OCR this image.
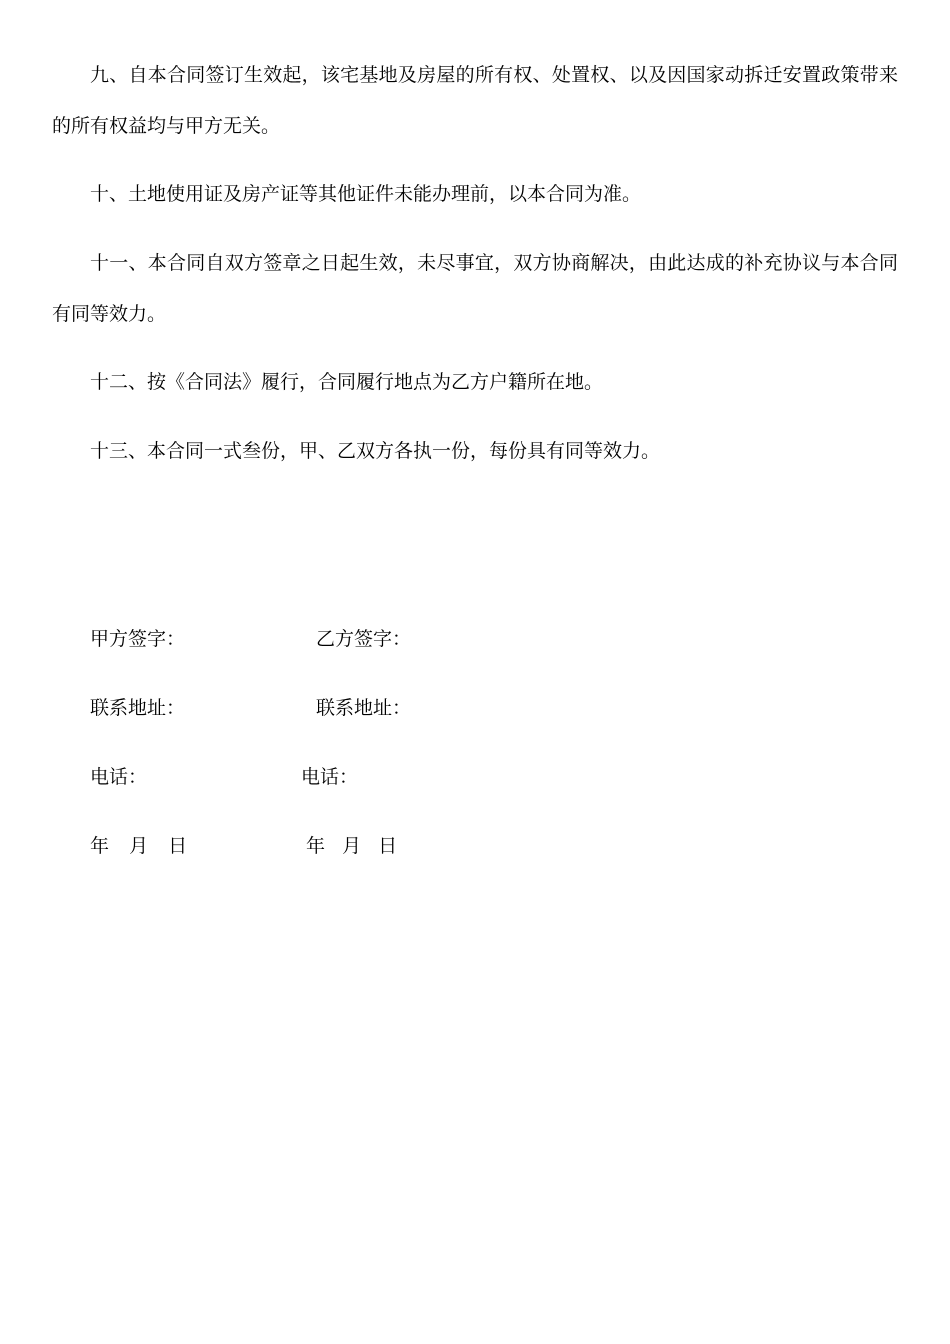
九、自本合同签订生效起，该宅基地及房屋的所有权、处置权、以及因国家动拆迁安置政策带来的所有权益均与甲方无关。

十、土地使用证及房产证等其他证件未能办理前，以本合同为准。

十一、本合同自双方签章之日起生效，未尽事宜，双方协商解决，由此达成的补充协议与本合同有同等效力。

十二、按《合同法》履行，合同履行地点为乙方户籍所在地。

十三、本合同一式叁份，甲、乙双方各执一份，每份具有同等效力。

甲方签字：
联系地址：
电话：
年 月 日
乙方签字：
联系地址：
电话：
年 月 日
